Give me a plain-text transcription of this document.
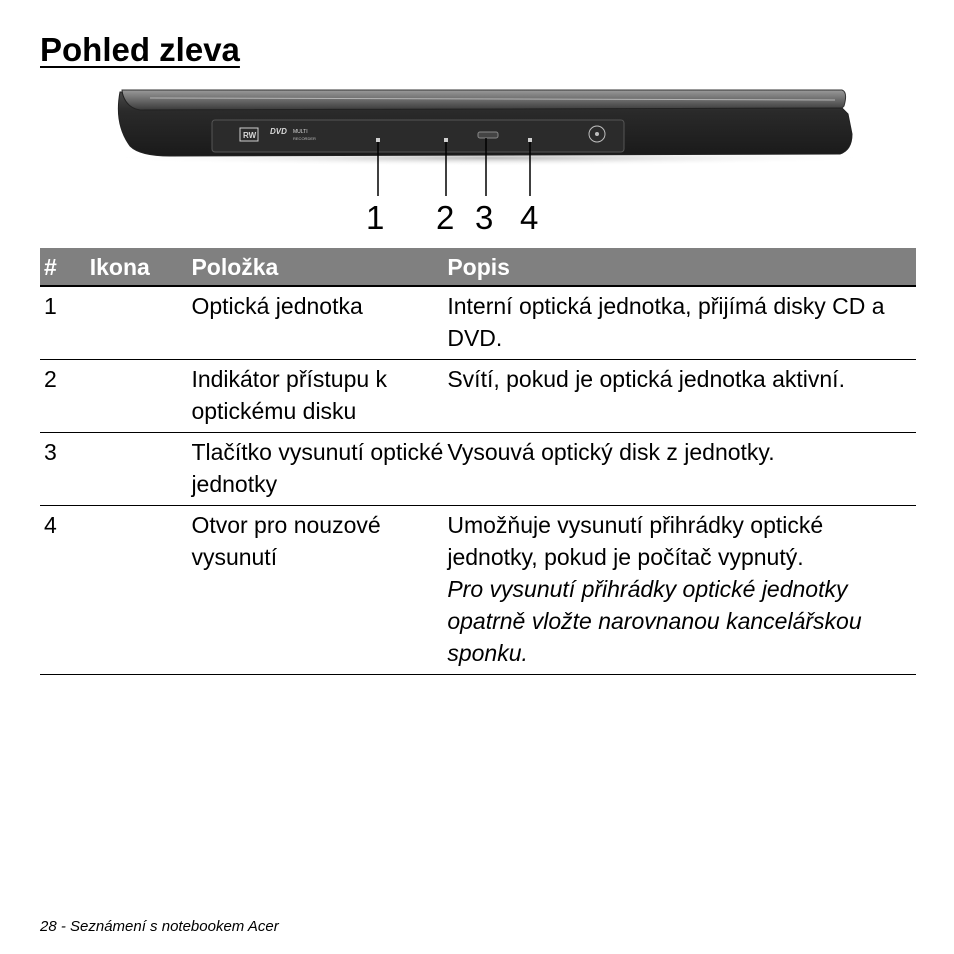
Pohled zleva
RW DVD MULTI
RECORDER
1 2 3 4
#	Ikona	Položka	Popis
1		Optická jednotka	Interní optická jednotka, přijímá disky CD a DVD.
2		Indikátor přístupu k optickému disku	Svítí, pokud je optická jednotka aktivní.
3		Tlačítko vysunutí optické jednotky	Vysouvá optický disk z jednotky.
4		Otvor pro nouzové vysunutí	Umožňuje vysunutí přihrádky optické jednotky, pokud je počítač vypnutý.
Pro vysunutí přihrádky optické jednotky opatrně vložte narovnanou kancelářskou sponku.
28 - Seznámení s notebookem Acer
